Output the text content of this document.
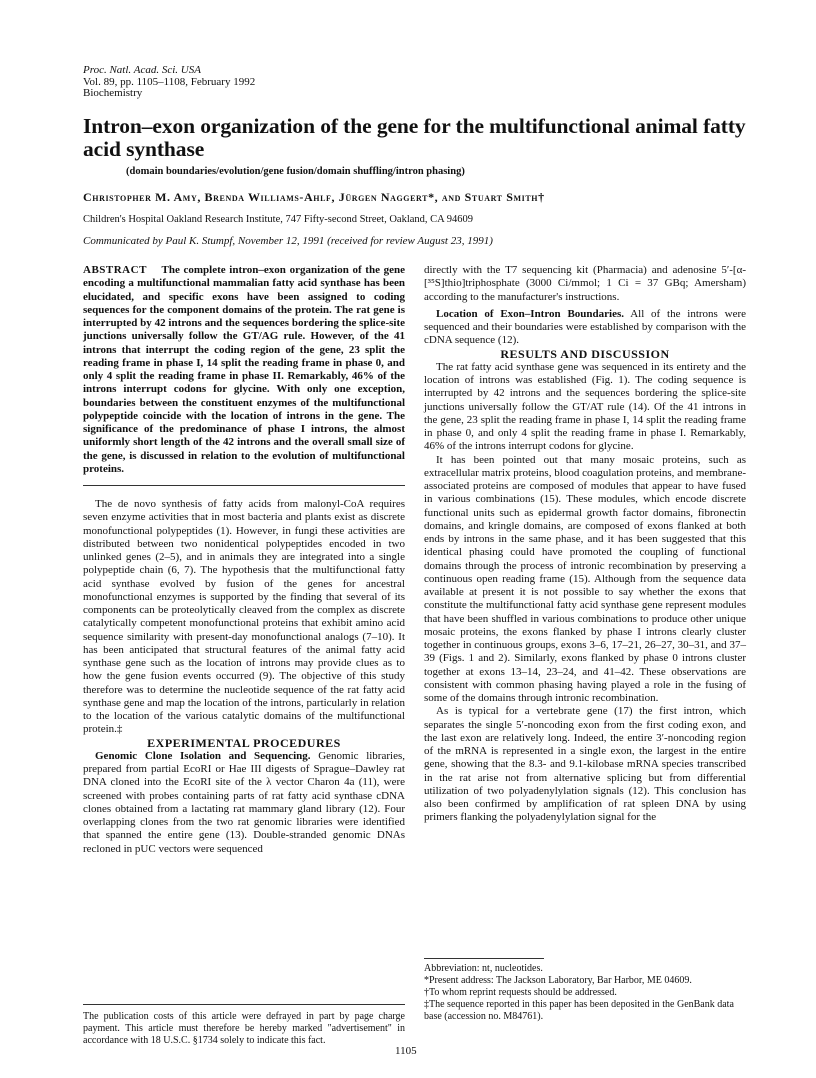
Proc. Natl. Acad. Sci. USA
Vol. 89, pp. 1105–1108, February 1992
Biochemistry
Intron–exon organization of the gene for the multifunctional animal fatty acid synthase
(domain boundaries/evolution/gene fusion/domain shuffling/intron phasing)
Christopher M. Amy, Brenda Williams-Ahlf, Jürgen Naggert*, and Stuart Smith†
Children's Hospital Oakland Research Institute, 747 Fifty-second Street, Oakland, CA 94609
Communicated by Paul K. Stumpf, November 12, 1991 (received for review August 23, 1991)

ABSTRACT The complete intron–exon organization of the gene encoding a multifunctional mammalian fatty acid synthase has been elucidated, and specific exons have been assigned to coding sequences for the component domains of the protein. The rat gene is interrupted by 42 introns and the sequences bordering the splice-site junctions universally follow the GT/AG rule. However, of the 41 introns that interrupt the coding region of the gene, 23 split the reading frame in phase I, 14 split the reading frame in phase 0, and only 4 split the reading frame in phase II. Remarkably, 46% of the introns interrupt codons for glycine. With only one exception, boundaries between the constituent enzymes of the multifunctional polypeptide coincide with the location of introns in the gene. The significance of the predominance of phase I introns, the almost uniformly short length of the 42 introns and the overall small size of the gene, is discussed in relation to the evolution of multifunctional proteins.

The de novo synthesis of fatty acids from malonyl-CoA requires seven enzyme activities that in most bacteria and plants exist as discrete monofunctional polypeptides (1). However, in fungi these activities are distributed between two nonidentical polypeptides encoded in two unlinked genes (2–5), and in animals they are integrated into a single polypeptide chain (6, 7). The hypothesis that the multifunctional fatty acid synthase evolved by fusion of the genes for ancestral monofunctional enzymes is supported by the finding that several of its components can be proteolytically cleaved from the complex as discrete catalytically competent monofunctional proteins that exhibit amino acid sequence similarity with present-day monofunctional analogs (7–10). It has been anticipated that structural features of the animal fatty acid synthase gene such as the location of introns may provide clues as to how the gene fusion events occurred (9). The objective of this study therefore was to determine the nucleotide sequence of the rat fatty acid synthase gene and map the location of the introns, particularly in relation to the location of the various catalytic domains of the multifunctional protein.‡

EXPERIMENTAL PROCEDURES

Genomic Clone Isolation and Sequencing. Genomic libraries, prepared from partial EcoRI or Hae III digests of Sprague–Dawley rat DNA cloned into the EcoRI site of the λ vector Charon 4a (11), were screened with probes containing parts of rat fatty acid synthase cDNA clones obtained from a lactating rat mammary gland library (12). Four overlapping clones from the two rat genomic libraries were identified that spanned the entire gene (13). Double-stranded genomic DNAs recloned in pUC vectors were sequenced

directly with the T7 sequencing kit (Pharmacia) and adenosine 5′-[α-[³⁵S]thio]triphosphate (3000 Ci/mmol; 1 Ci = 37 GBq; Amersham) according to the manufacturer's instructions.

Location of Exon–Intron Boundaries. All of the introns were sequenced and their boundaries were established by comparison with the cDNA sequence (12).

RESULTS AND DISCUSSION

The rat fatty acid synthase gene was sequenced in its entirety and the location of introns was established (Fig. 1). The coding sequence is interrupted by 42 introns and the sequences bordering the splice-site junctions universally follow the GT/AT rule (14). Of the 41 introns in the gene, 23 split the reading frame in phase I, 14 split the reading frame in phase 0, and only 4 split the reading frame in phase I. Remarkably, 46% of the introns interrupt codons for glycine.

It has been pointed out that many mosaic proteins, such as extracellular matrix proteins, blood coagulation proteins, and membrane-associated proteins are composed of modules that appear to have fused in various combinations (15). These modules, which encode discrete functional units such as epidermal growth factor domains, fibronectin domains, and kringle domains, are composed of exons flanked at both ends by introns in the same phase, and it has been suggested that this identical phasing could have promoted the coupling of functional domains through the process of intronic recombination by preserving a continuous open reading frame (15). Although from the sequence data available at present it is not possible to say whether the exons that constitute the multifunctional fatty acid synthase gene represent modules that have been shuffled in various combinations to produce other unique mosaic proteins, the exons flanked by phase I introns clearly cluster together in continuous groups, exons 3–6, 17–21, 26–27, 30–31, and 37–39 (Figs. 1 and 2). Similarly, exons flanked by phase 0 introns cluster together at exons 13–14, 23–24, and 41–42. These observations are consistent with common phasing having played a role in the fusing of some of the domains through intronic recombination.

As is typical for a vertebrate gene (17) the first intron, which separates the single 5′-noncoding exon from the first coding exon, and the last exon are relatively long. Indeed, the entire 3′-noncoding region of the mRNA is represented in a single exon, the largest in the entire gene, showing that the 8.3- and 9.1-kilobase mRNA species transcribed in the rat arise not from alternative splicing but from differential utilization of two polyadenylylation signals (12). This conclusion has also been confirmed by amplification of rat spleen DNA by using primers flanking the polyadenylylation signal for the

Abbreviation: nt, nucleotides.

*Present address: The Jackson Laboratory, Bar Harbor, ME 04609.

†To whom reprint requests should be addressed.

‡The sequence reported in this paper has been deposited in the GenBank data base (accession no. M84761).

The publication costs of this article were defrayed in part by page charge payment. This article must therefore be hereby marked "advertisement" in accordance with 18 U.S.C. §1734 solely to indicate this fact.
1105
